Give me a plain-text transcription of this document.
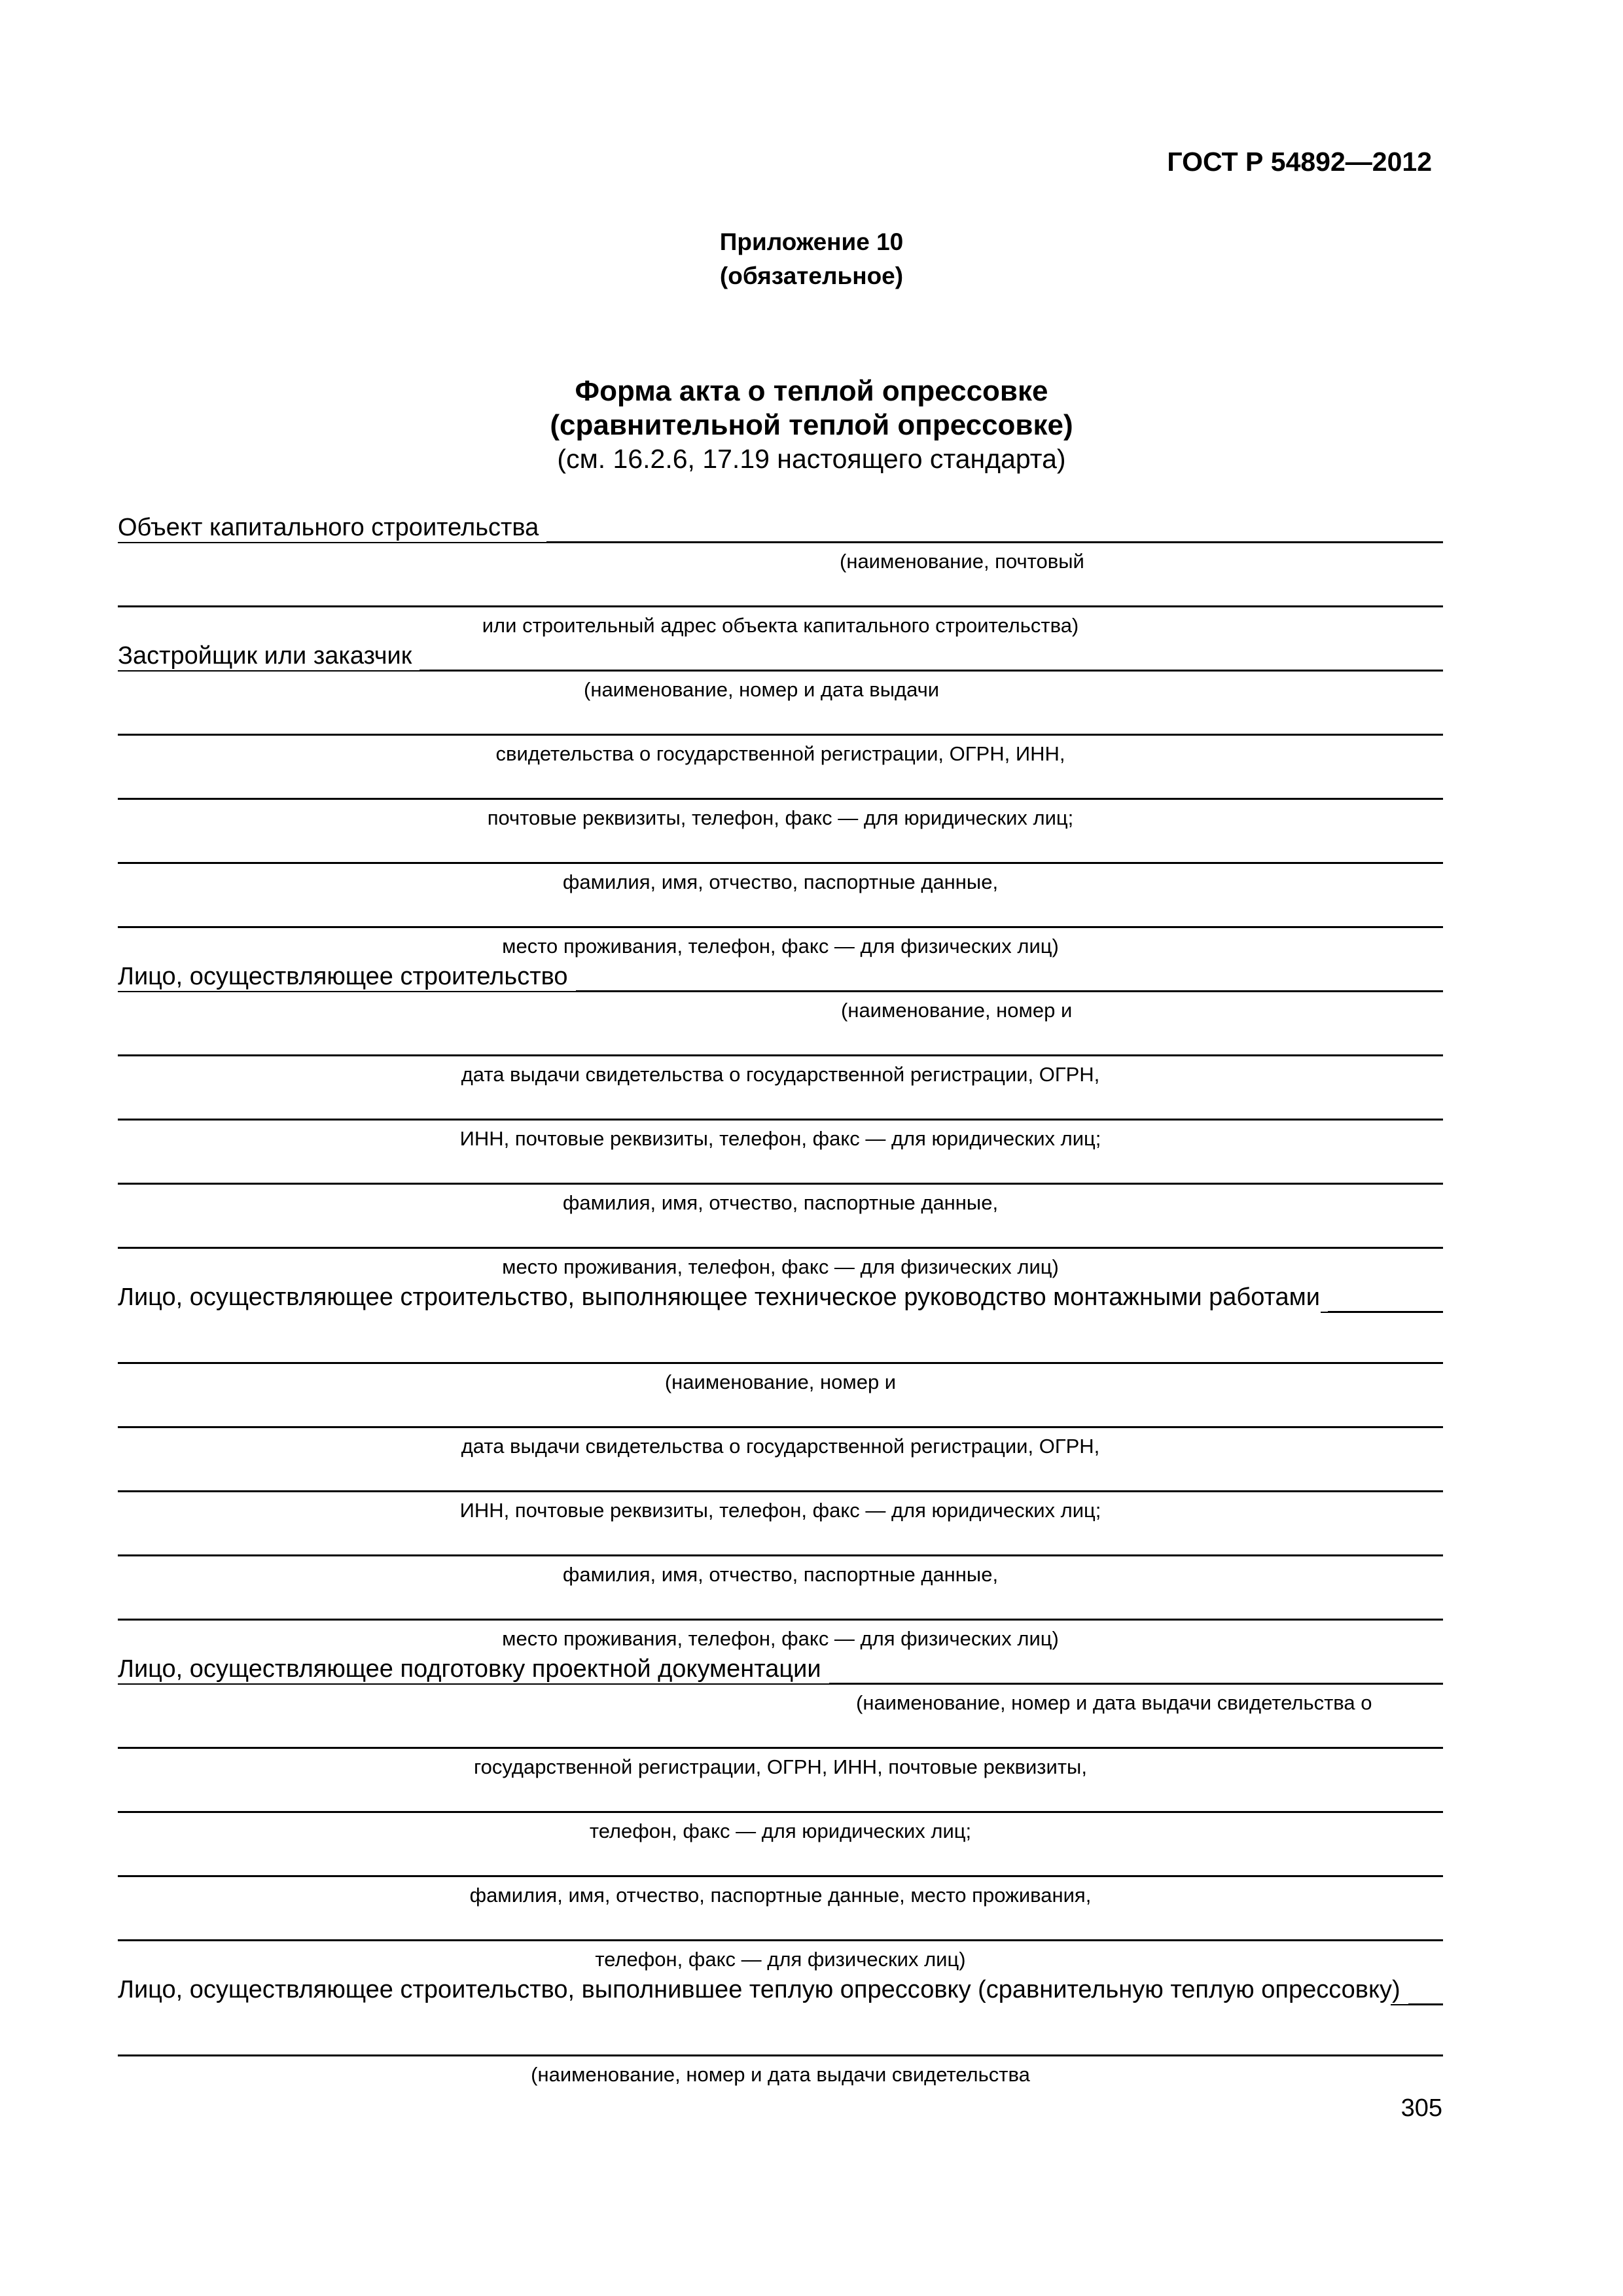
ГОСТ Р 54892—2012
Приложение 10
(обязательное)
Форма акта о теплой опрессовке
(сравнительной теплой опрессовке)
(см. 16.2.6, 17.19 настоящего стандарта)
Объект капитального строительства
(наименование, почтовый
или строительный адрес объекта капитального строительства)
Застройщик или заказчик
(наименование, номер и дата выдачи
свидетельства о государственной регистрации, ОГРН, ИНН,
почтовые реквизиты, телефон, факс — для юридических лиц;
фамилия, имя, отчество, паспортные данные,
место проживания, телефон, факс — для физических лиц)
Лицо, осуществляющее строительство
(наименование, номер и
дата выдачи свидетельства о государственной регистрации, ОГРН,
ИНН, почтовые реквизиты, телефон, факс — для юридических лиц;
фамилия, имя, отчество, паспортные данные,
место проживания, телефон, факс — для физических лиц)
Лицо, осуществляющее строительство, выполняющее техническое руководство монтажными работами
(наименование, номер и
дата выдачи свидетельства о государственной регистрации, ОГРН,
ИНН, почтовые реквизиты, телефон, факс — для юридических лиц;
фамилия, имя, отчество, паспортные данные,
место проживания, телефон, факс — для физических лиц)
Лицо, осуществляющее подготовку проектной документации
(наименование, номер и дата выдачи свидетельства о
государственной регистрации, ОГРН, ИНН, почтовые реквизиты,
телефон, факс — для юридических лиц;
фамилия, имя, отчество, паспортные данные, место проживания,
телефон, факс — для физических лиц)
Лицо, осуществляющее строительство, выполнившее теплую опрессовку (сравнительную теплую опрессовку)
(наименование, номер и дата выдачи свидетельства
305
